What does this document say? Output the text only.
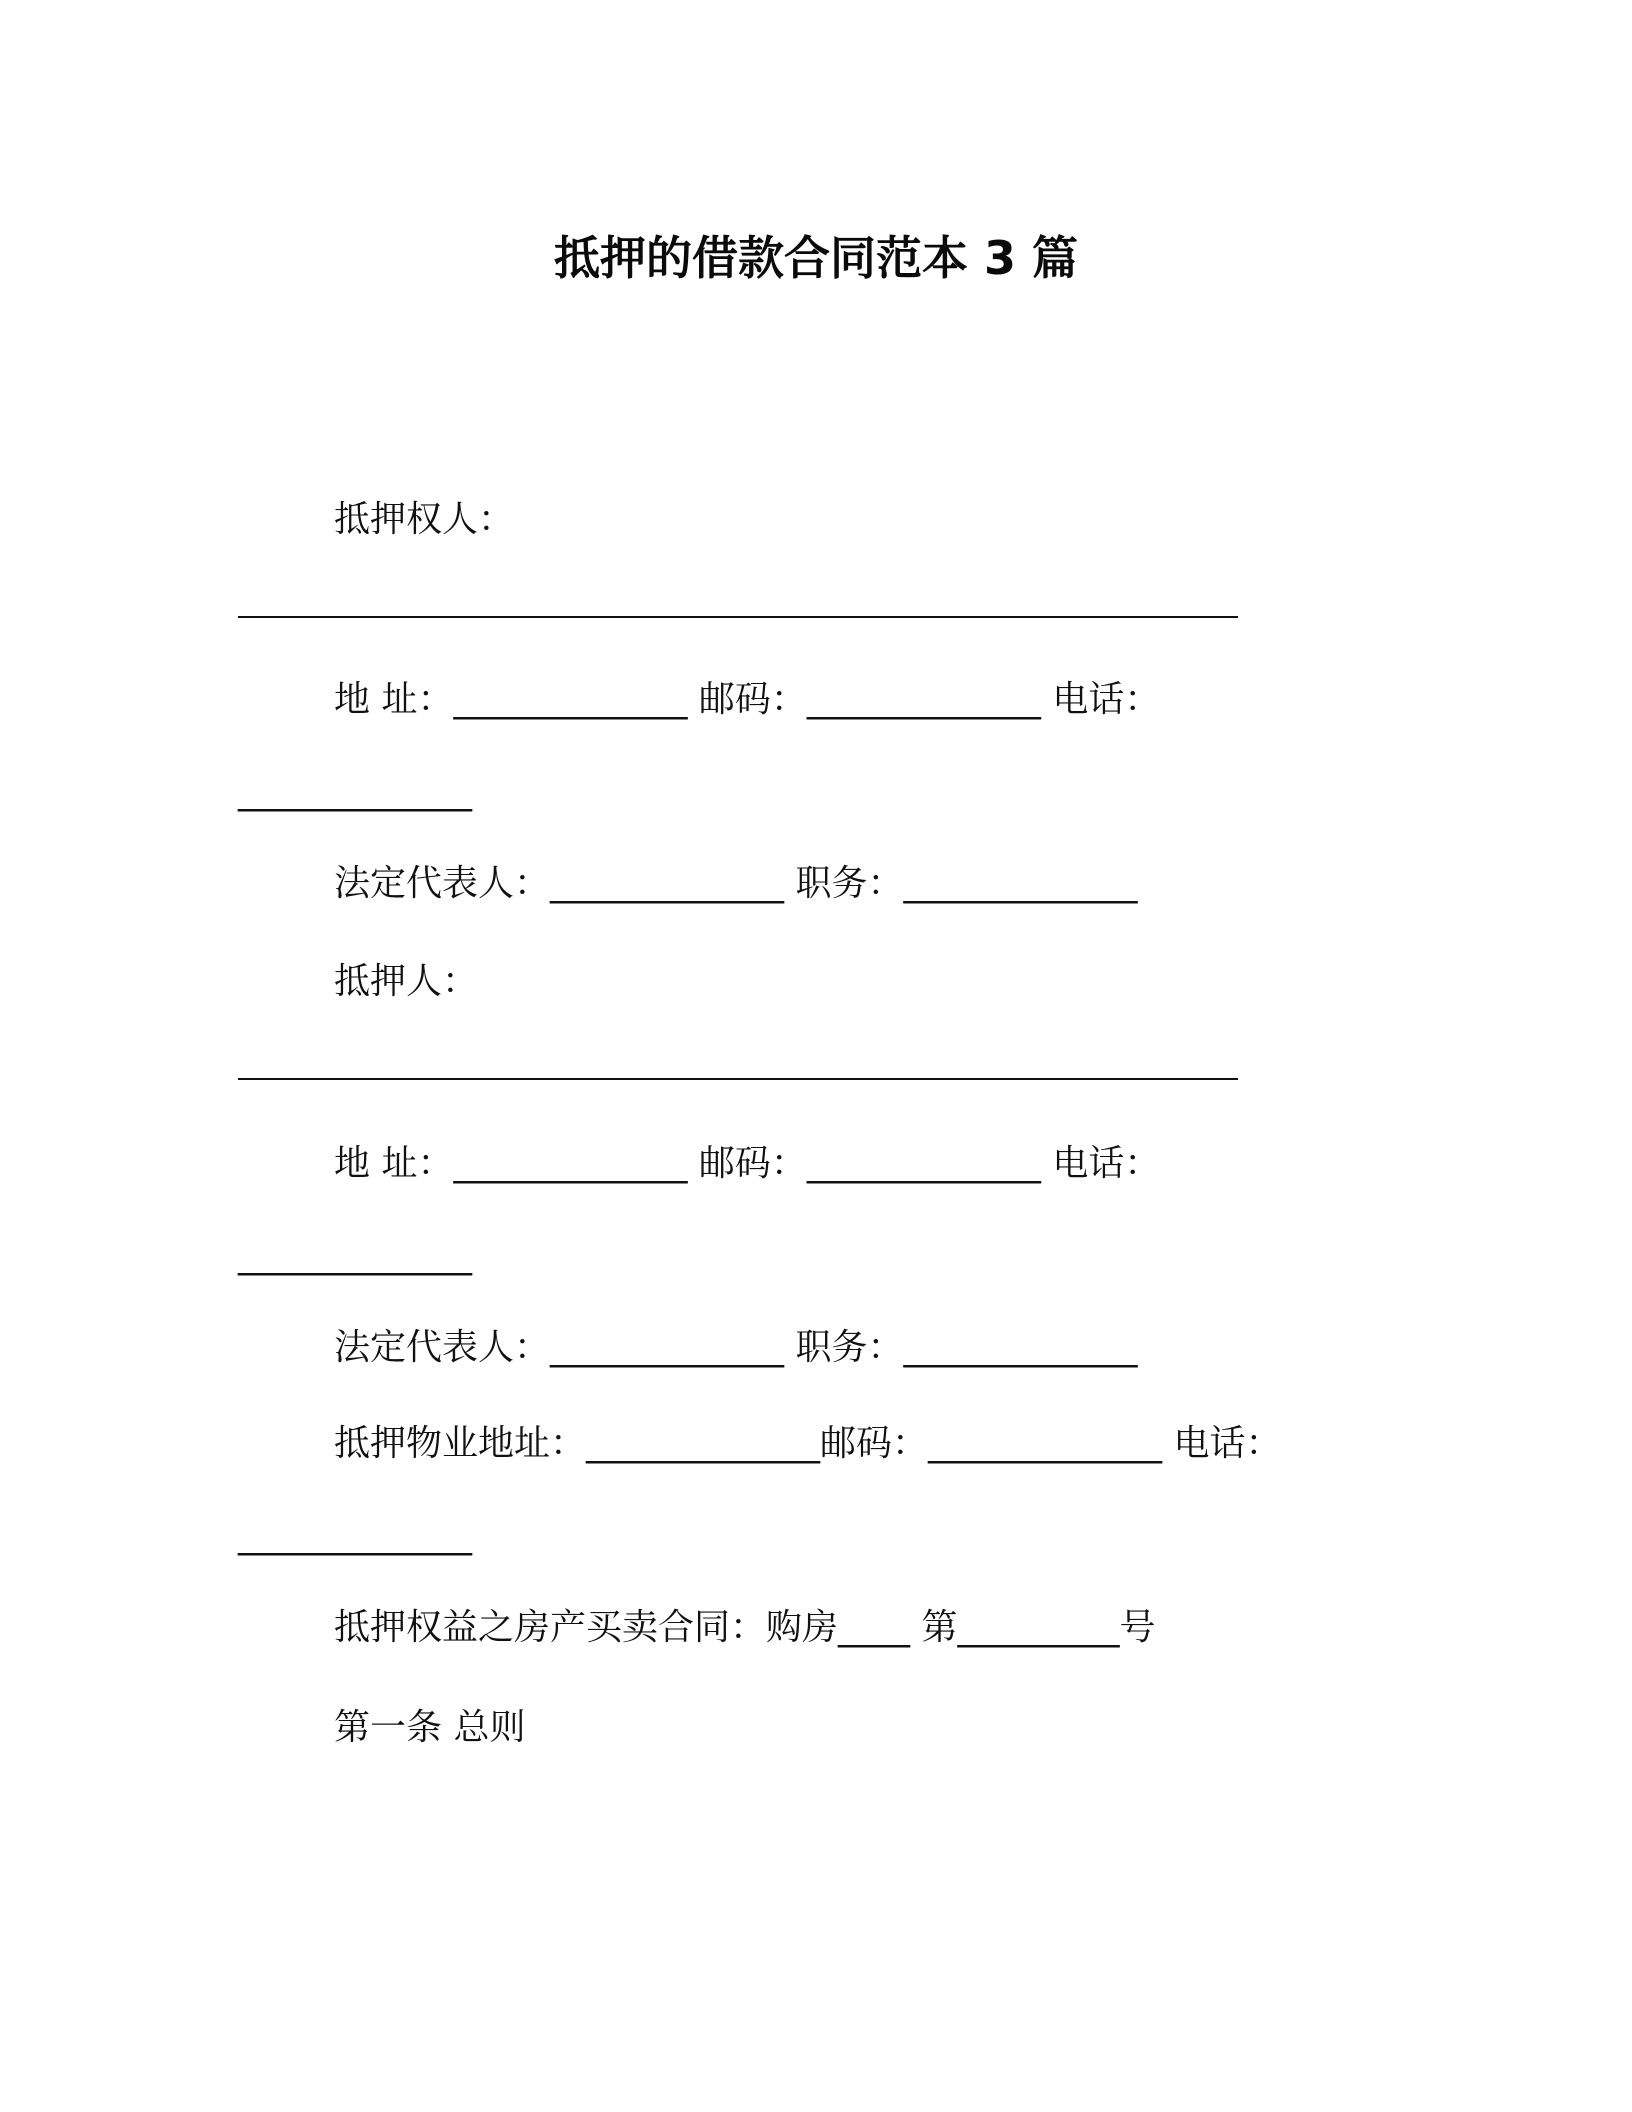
抵押的借款合同范本 3 篇
抵押权人：
地 址：_____________ 邮码：_____________ 电话：
_____________
法定代表人：_____________ 职务：_____________
抵押人：
地 址：_____________ 邮码：_____________ 电话：
_____________
法定代表人：_____________ 职务：_____________
抵押物业地址：_____________邮码：_____________ 电话：
_____________
抵押权益之房产买卖合同：购房____ 第_________号
第一条 总则
